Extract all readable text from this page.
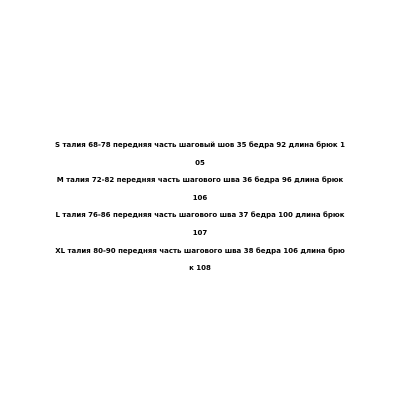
S талия 68-78 передняя часть шаговый шов 35 бедра 92 длина брюк 1
05
M талия 72-82 передняя часть шагового шва 36 бедра 96 длина брюк
106
L талия 76-86 передняя часть шагового шва 37 бедра 100 длина брюк
107
XL талия 80-90 передняя часть шагового шва 38 бедра 106 длина брю
к 108
